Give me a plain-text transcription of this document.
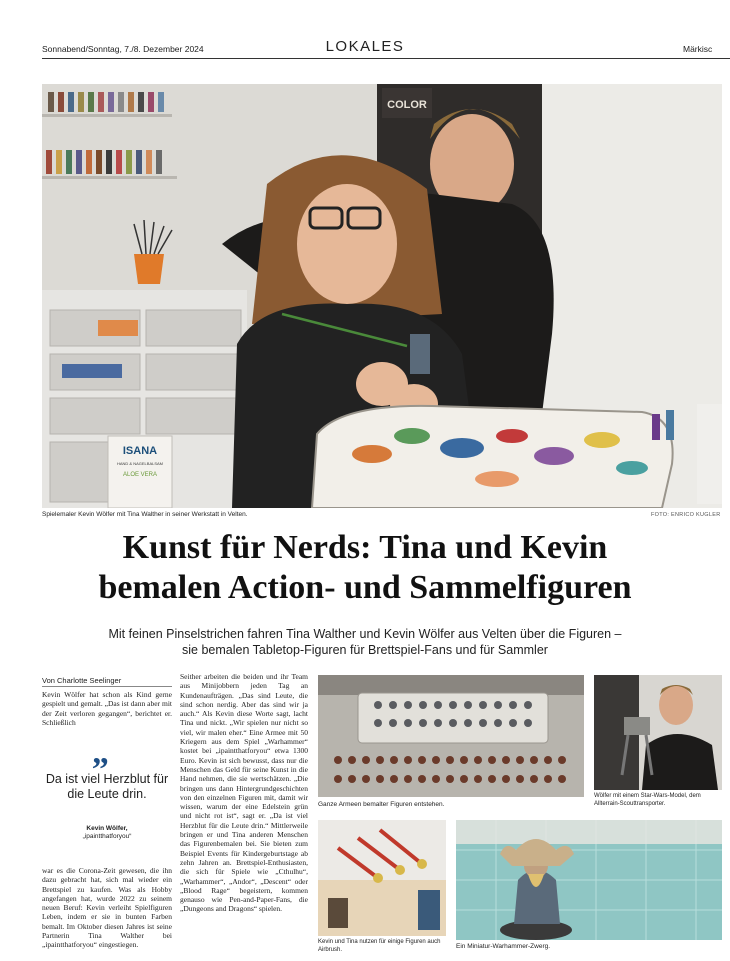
Sonnabend/Sonntag, 7./8. Dezember 2024	LOKALES	Märkisc
ISANA
HAND & NAGELBALSAM
ALOE VERA
COLOR
Spielemaler Kevin Wölfer mit Tina Walther in seiner Werkstatt in Velten.	FOTO: ENRICO KUGLER
Kunst für Nerds: Tina und Kevin
bemalen Action- und Sammelfiguren
Mit feinen Pinselstrichen fahren Tina Walther und Kevin Wölfer aus Velten über die Figuren –
sie bemalen Tabletop-Figuren für Brettspiel-Fans und für Sammler
Von Charlotte Seelinger
Kevin Wölfer hat schon als Kind gerne gespielt und gemalt. „Das ist dann aber mit der Zeit verloren gegangen“, berichtet er. Schließlich
„
Da ist viel Herzblut für die Leute drin.
Kevin Wölfer,
„ipaintthatforyou“
war es die Corona-Zeit gewesen, die ihn dazu gebracht hat, sich mal wieder ein Brettspiel zu kaufen. Was als Hobby angefangen hat, wurde 2022 zu seinem neuen Beruf: Kevin verleiht Spielfiguren Leben, indem er sie in bunten Farben bemalt. Im Oktober diesen Jahres ist seine Partnerin Tina Walther bei „ipaintthatforyou“ eingestiegen.
Seither arbeiten die beiden und ihr Team aus Minijobbern jeden Tag an Kundenaufträgen. „Das sind Leute, die sind schon nerdig. Aber das sind wir ja auch.“ Als Kevin diese Worte sagt, lacht Tina und nickt. „Wir spielen nur nicht so viel, wir malen eher.“ Eine Armee mit 50 Kriegern aus dem Spiel „Warhammer“ kostet bei „ipaintthatforyou“ etwa 1300 Euro. Kevin ist sich bewusst, dass nur die Menschen das Geld für seine Kunst in die Hand nehmen, die sie wertschätzen. „Die bringen uns dann Hintergrundgeschichten von den einzelnen Figuren mit, damit wir wissen, warum der eine Edelstein grün und nicht rot ist“, sagt er. „Da ist viel Herzblut für die Leute drin.“ Mittlerweile bringen er und Tina anderen Menschen das Figurenbemalen bei. Sie bieten zum Beispiel Events für Kindergeburtstage ab zehn Jahren an. Brettspiel-Enthusiasten, die sich für Spiele wie „Cthulhu“, „Warhammer“, „Andor“, „Descent“ oder „Blood Rage“ begeistern, kommen genauso wie Pen-and-Paper-Fans, die „Dungeons and Dragons“ spielen.
Ganze Armeen bemalter Figuren entstehen.
Wölfer mit einem Star-Wars-Model, dem Allterrain-Scouttransporter.
Kevin und Tina nutzen für einige Figuren auch Airbrush.	Ein Miniatur-Warhammer-Zwerg.
